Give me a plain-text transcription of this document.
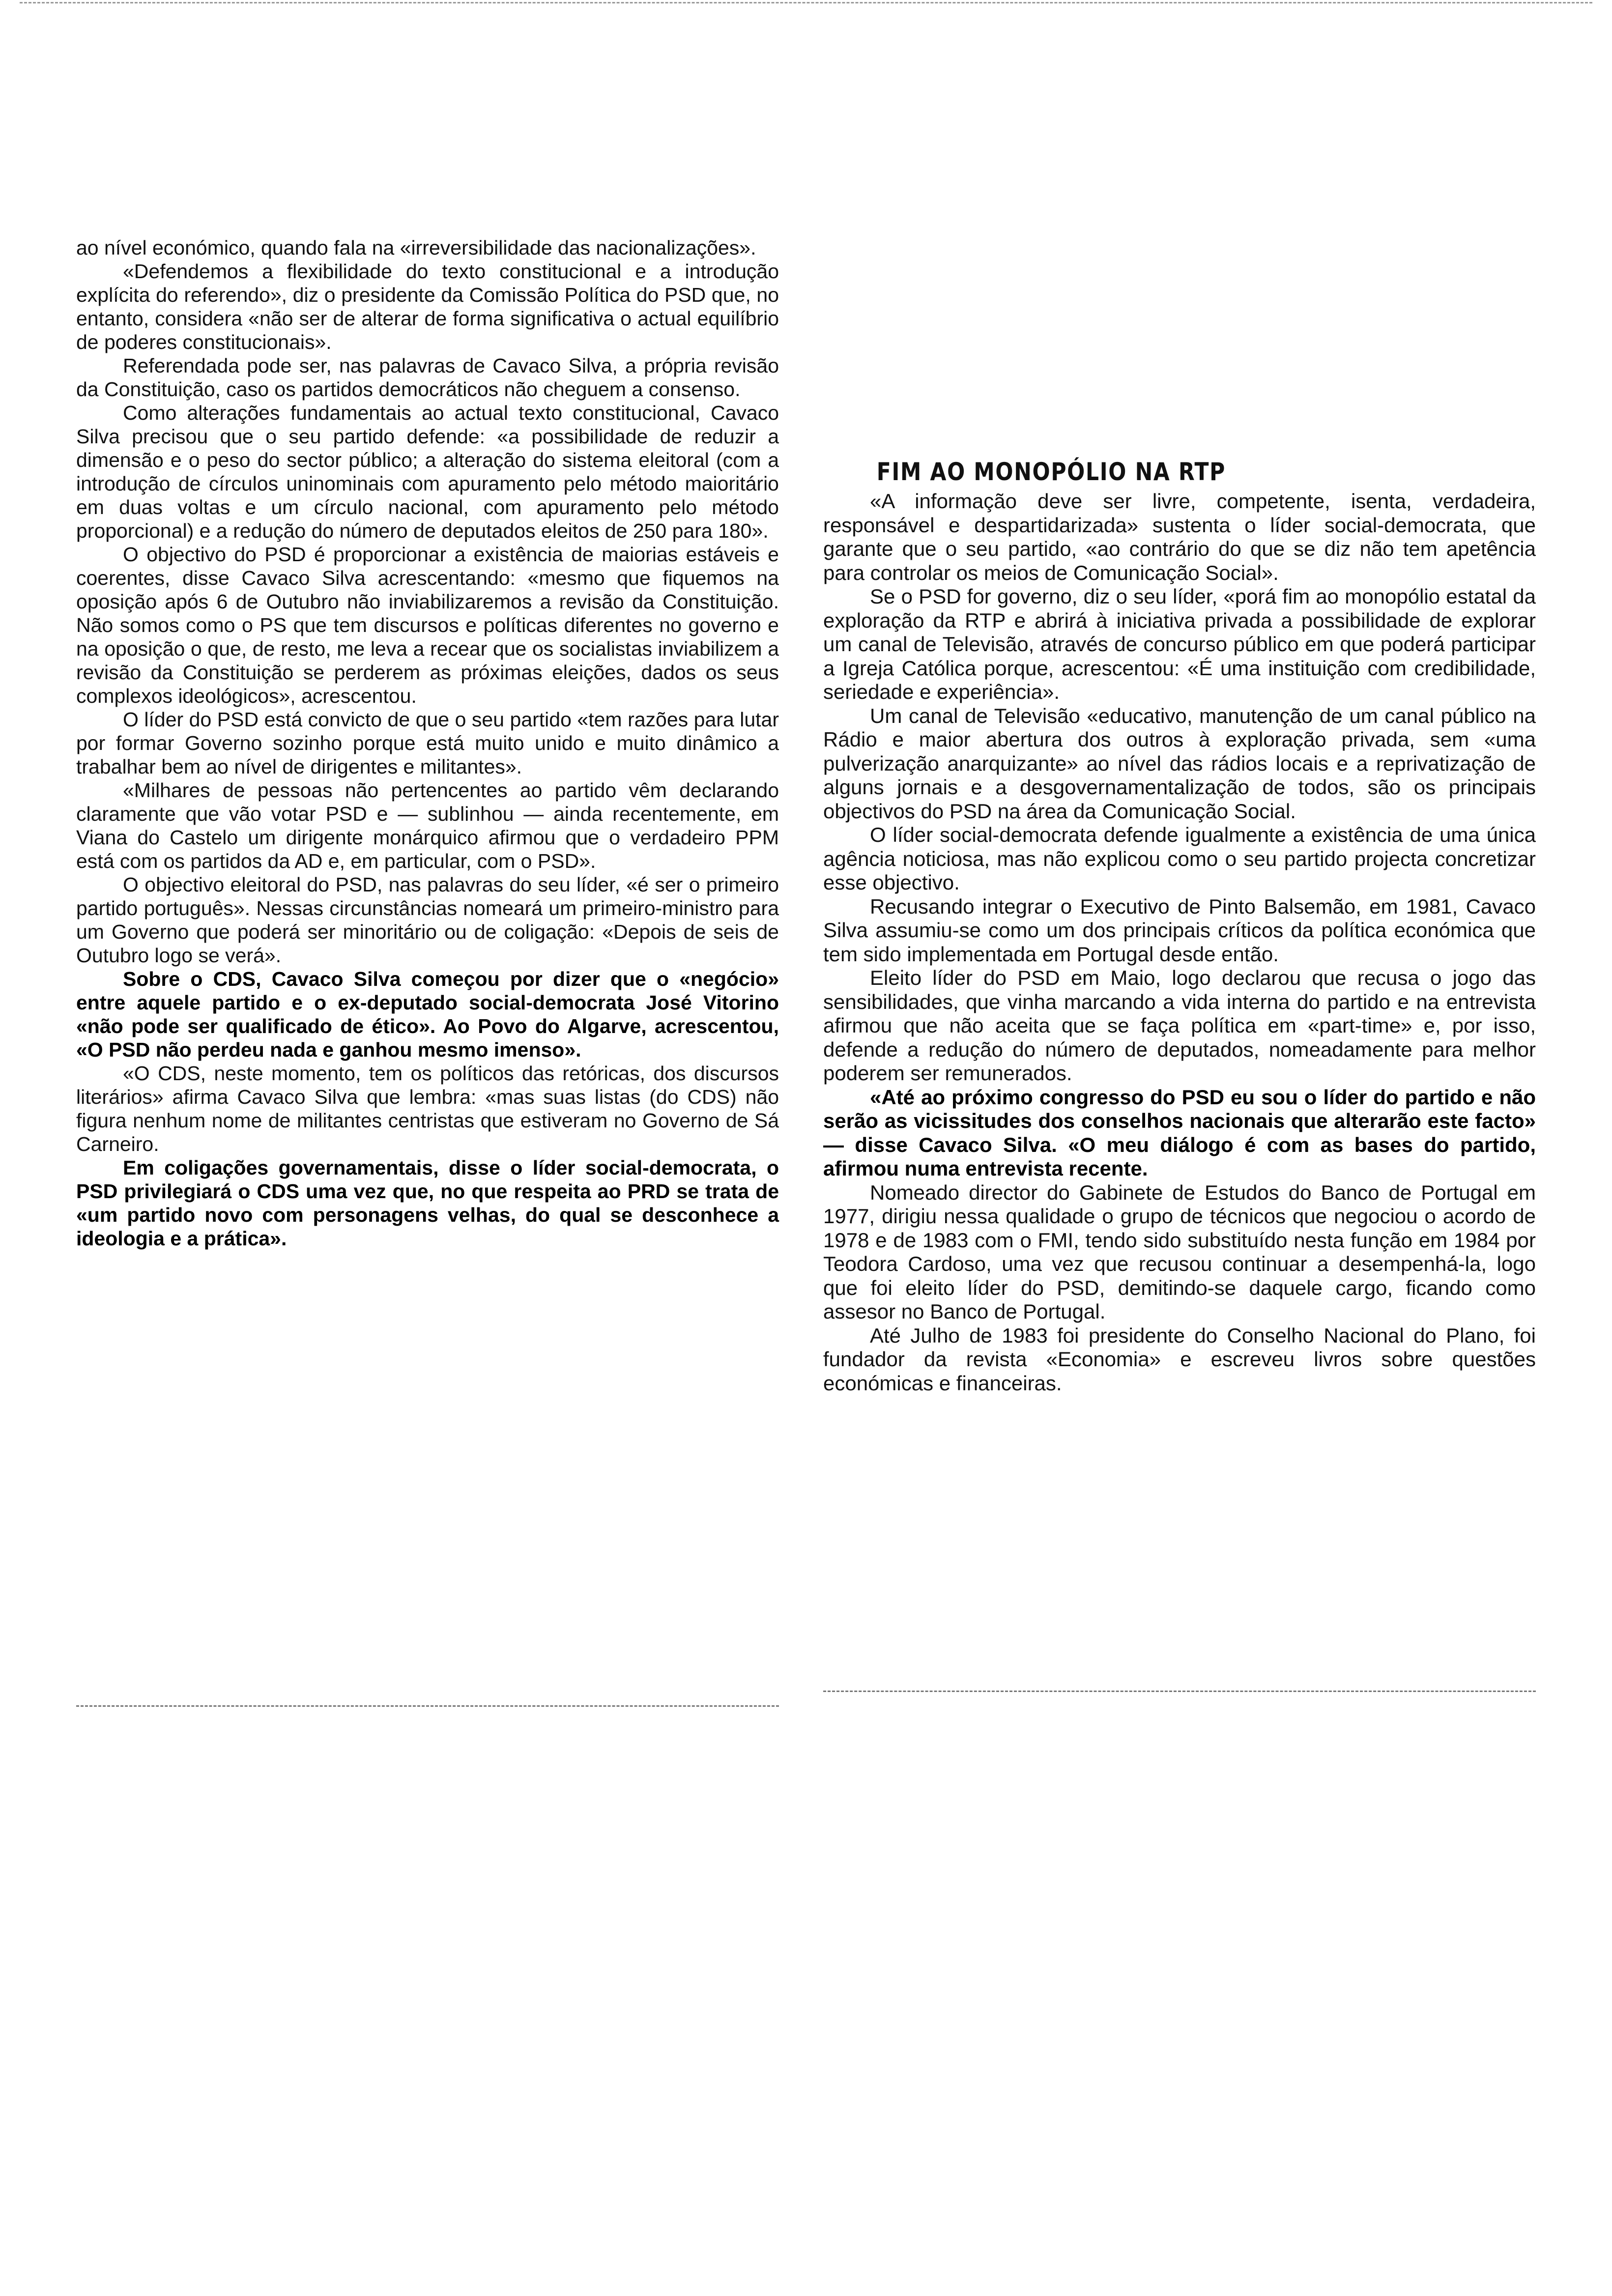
ao nível económico, quando fala na «irreversibilidade das nacionalizações».

«Defendemos a flexibilidade do texto constitucional e a introdução explícita do referendo», diz o presidente da Comissão Política do PSD que, no entanto, considera «não ser de alterar de forma significativa o actual equilíbrio de poderes constitucionais».

Referendada pode ser, nas palavras de Cavaco Silva, a própria revisão da Constituição, caso os partidos democráticos não cheguem a consenso.

Como alterações fundamentais ao actual texto constitucional, Cavaco Silva precisou que o seu partido defende: «a possibilidade de reduzir a dimensão e o peso do sector público; a alteração do sistema eleitoral (com a introdução de círculos uninominais com apuramento pelo método maioritário em duas voltas e um círculo nacional, com apuramento pelo método proporcional) e a redução do número de deputados eleitos de 250 para 180».

O objectivo do PSD é proporcionar a existência de maiorias estáveis e coerentes, disse Cavaco Silva acrescentando: «mesmo que fiquemos na oposição após 6 de Outubro não inviabilizaremos a revisão da Constituição. Não somos como o PS que tem discursos e políticas diferentes no governo e na oposição o que, de resto, me leva a recear que os socialistas inviabilizem a revisão da Constituição se perderem as próximas eleições, dados os seus complexos ideológicos», acrescentou.

O líder do PSD está convicto de que o seu partido «tem razões para lutar por formar Governo sozinho porque está muito unido e muito dinâmico a trabalhar bem ao nível de dirigentes e militantes».

«Milhares de pessoas não pertencentes ao partido vêm declarando claramente que vão votar PSD e — sublinhou — ainda recentemente, em Viana do Castelo um dirigente monárquico afirmou que o verdadeiro PPM está com os partidos da AD e, em particular, com o PSD».

O objectivo eleitoral do PSD, nas palavras do seu líder, «é ser o primeiro partido português». Nessas circunstâncias nomeará um primeiro-ministro para um Governo que poderá ser minoritário ou de coligação: «Depois de seis de Outubro logo se verá».

Sobre o CDS, Cavaco Silva começou por dizer que o «negócio» entre aquele partido e o ex-deputado social-democrata José Vitorino «não pode ser qualificado de ético». Ao Povo do Algarve, acrescentou, «O PSD não perdeu nada e ganhou mesmo imenso».

«O CDS, neste momento, tem os políticos das retóricas, dos discursos literários» afirma Cavaco Silva que lembra: «mas suas listas (do CDS) não figura nenhum nome de militantes centristas que estiveram no Governo de Sá Carneiro.

Em coligações governamentais, disse o líder social-democrata, o PSD privilegiará o CDS uma vez que, no que respeita ao PRD se trata de «um partido novo com personagens velhas, do qual se desconhece a ideologia e a prática».

FIM AO MONOPÓLIO NA RTP

«A informação deve ser livre, competente, isenta, verdadeira, responsável e despartidarizada» sustenta o líder social-democrata, que garante que o seu partido, «ao contrário do que se diz não tem apetência para controlar os meios de Comunicação Social».

Se o PSD for governo, diz o seu líder, «porá fim ao monopólio estatal da exploração da RTP e abrirá à iniciativa privada a possibilidade de explorar um canal de Televisão, através de concurso público em que poderá participar a Igreja Católica porque, acrescentou: «É uma instituição com credibilidade, seriedade e experiência».

Um canal de Televisão «educativo, manutenção de um canal público na Rádio e maior abertura dos outros à exploração privada, sem «uma pulverização anarquizante» ao nível das rádios locais e a reprivatização de alguns jornais e a desgovernamentalização de todos, são os principais objectivos do PSD na área da Comunicação Social.

O líder social-democrata defende igualmente a existência de uma única agência noticiosa, mas não explicou como o seu partido projecta concretizar esse objectivo.

Recusando integrar o Executivo de Pinto Balsemão, em 1981, Cavaco Silva assumiu-se como um dos principais críticos da política económica que tem sido implementada em Portugal desde então.

Eleito líder do PSD em Maio, logo declarou que recusa o jogo das sensibilidades, que vinha marcando a vida interna do partido e na entrevista afirmou que não aceita que se faça política em «part-time» e, por isso, defende a redução do número de deputados, nomeadamente para melhor poderem ser remunerados.

«Até ao próximo congresso do PSD eu sou o líder do partido e não serão as vicissitudes dos conselhos nacionais que alterarão este facto» — disse Cavaco Silva. «O meu diálogo é com as bases do partido, afirmou numa entrevista recente.

Nomeado director do Gabinete de Estudos do Banco de Portugal em 1977, dirigiu nessa qualidade o grupo de técnicos que negociou o acordo de 1978 e de 1983 com o FMI, tendo sido substituído nesta função em 1984 por Teodora Cardoso, uma vez que recusou continuar a desempenhá-la, logo que foi eleito líder do PSD, demitindo-se daquele cargo, ficando como assesor no Banco de Portugal.

Até Julho de 1983 foi presidente do Conselho Nacional do Plano, foi fundador da revista «Economia» e escreveu livros sobre questões económicas e financeiras.
